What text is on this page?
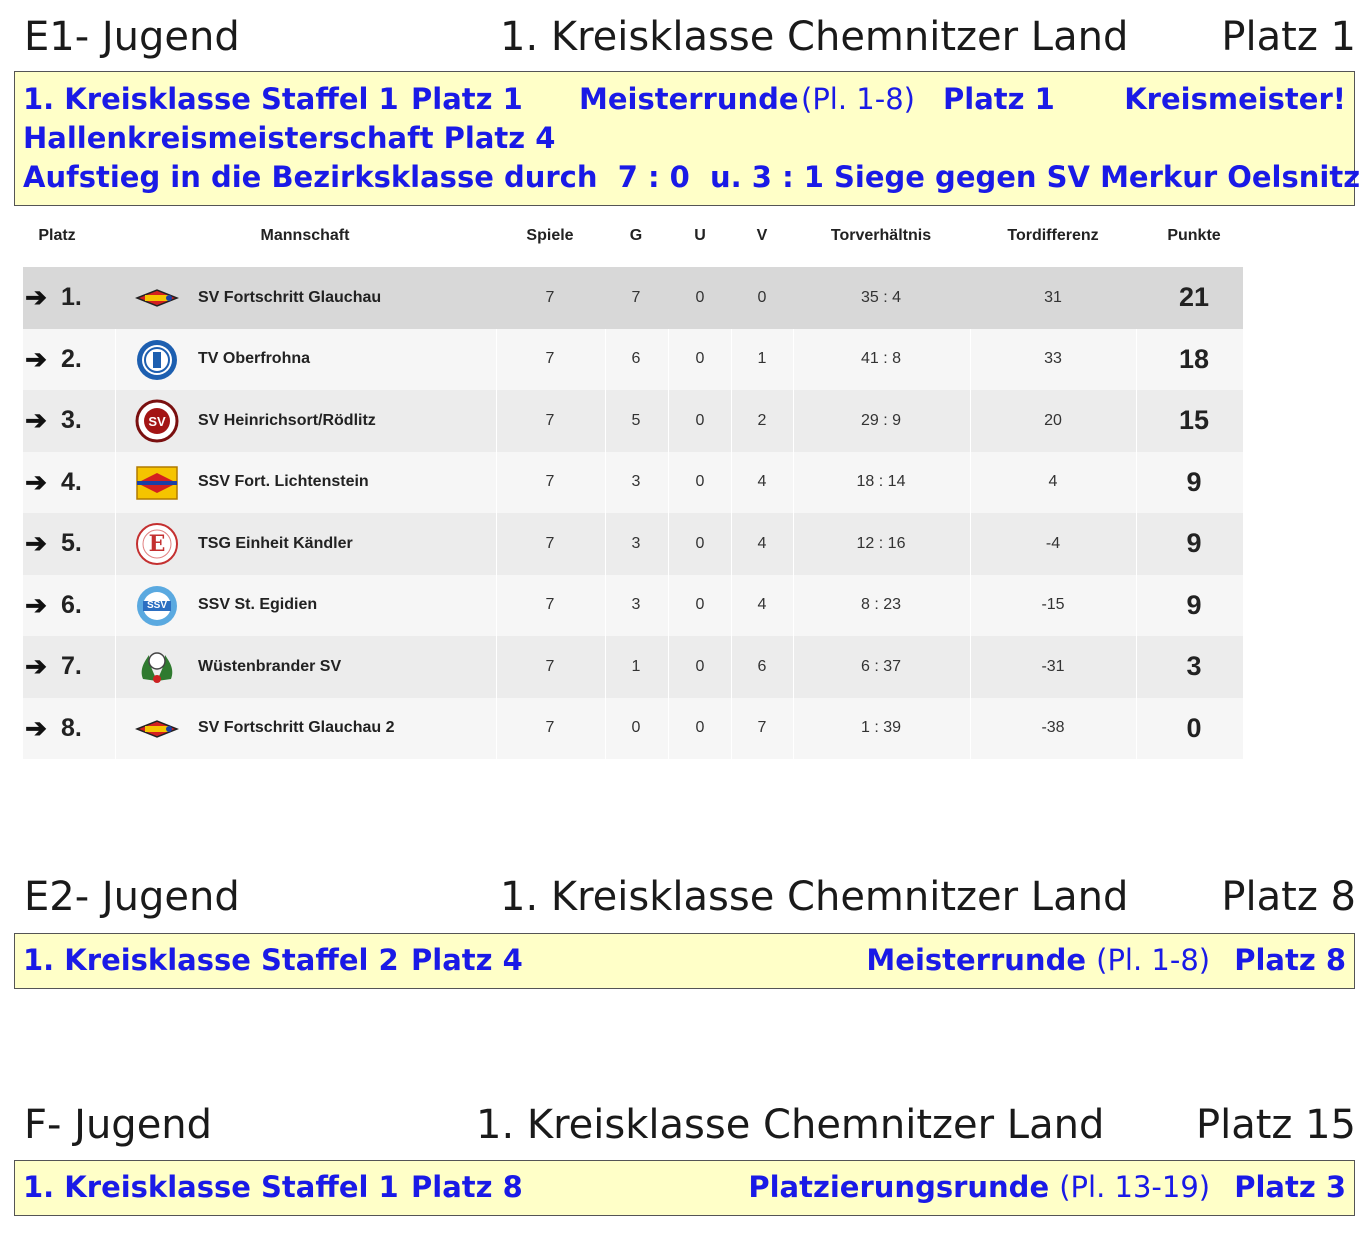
E1- Jugend	1. Kreisklasse Chemnitzer Land Platz 1
1. Kreisklasse Staffel 1 Platz 1 Meisterrunde (Pl. 1-8) Platz 1 Kreismeister!
Hallenkreismeisterschaft Platz 4
Aufstieg in die Bezirksklasse durch  7 : 0  u. 3 : 1 Siege gegen SV Merkur Oelsnitz
Platz	Mannschaft	Spiele	G	U	V	Torverhältnis	Tordifferenz	Punkte
➔ 1.	SV Fortschritt Glauchau	7	7	0	0	35 : 4	31	21
➔ 2.	TV Oberfrohna	7	6	0	1	41 : 8	33	18
➔ 3.	SV	SV Heinrichsort/Rödlitz	7	5	0	2	29 : 9	20	15
➔ 4.	SSV Fort. Lichtenstein	7	3	0	4	18 : 14	4	9
➔ 5.	E	TSG Einheit Kändler	7	3	0	4	12 : 16	-4	9
➔ 6.	SSV	SSV St. Egidien	7	3	0	4	8 : 23	-15	9
➔ 7.	Wüstenbrander SV	7	1	0	6	6 : 37	-31	3
➔ 8.	SV Fortschritt Glauchau 2	7	0	0	7	1 : 39	-38	0
E2- Jugend	1. Kreisklasse Chemnitzer Land Platz 8
1. Kreisklasse Staffel 2 Platz 4	Meisterrunde (Pl. 1-8) Platz 8
F- Jugend	1. Kreisklasse Chemnitzer Land Platz 15
1. Kreisklasse Staffel 1 Platz 8	Platzierungsrunde (Pl. 13-19) Platz 3
